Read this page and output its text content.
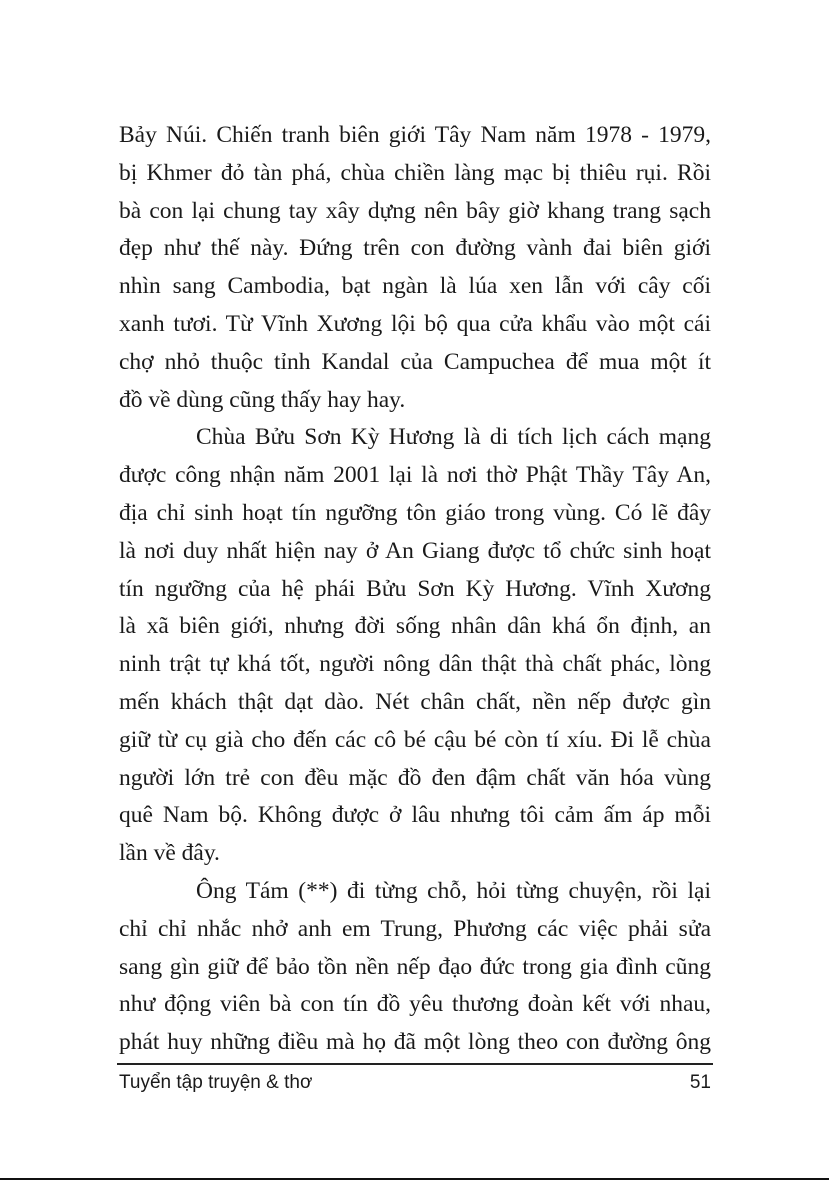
Bảy Núi. Chiến tranh biên giới Tây Nam năm 1978 - 1979,
bị Khmer đỏ tàn phá, chùa chiền làng mạc bị thiêu rụi. Rồi
bà con lại chung tay xây dựng nên bây giờ khang trang sạch
đẹp như thế này. Đứng trên con đường vành đai biên giới
nhìn sang Cambodia, bạt ngàn là lúa xen lẫn với cây cối
xanh tươi. Từ Vĩnh Xương lội bộ qua cửa khẩu vào một cái
chợ nhỏ thuộc tỉnh Kandal của Campuchea để mua một ít
đồ về dùng cũng thấy hay hay.
Chùa Bửu Sơn Kỳ Hương là di tích lịch cách mạng
được công nhận năm 2001 lại là nơi thờ Phật Thầy Tây An,
địa chỉ sinh hoạt tín ngưỡng tôn giáo trong vùng. Có lẽ đây
là nơi duy nhất hiện nay ở An Giang được tổ chức sinh hoạt
tín ngưỡng của hệ phái Bửu Sơn Kỳ Hương. Vĩnh Xương
là xã biên giới, nhưng đời sống nhân dân khá ổn định, an
ninh trật tự khá tốt, người nông dân thật thà chất phác, lòng
mến khách thật dạt dào. Nét chân chất, nền nếp được gìn
giữ từ cụ già cho đến các cô bé cậu bé còn tí xíu. Đi lễ chùa
người lớn trẻ con đều mặc đồ đen đậm chất văn hóa vùng
quê Nam bộ. Không được ở lâu nhưng tôi cảm ấm áp mỗi
lần về đây.
Ông Tám (**) đi từng chỗ, hỏi từng chuyện, rồi lại
chỉ chỉ nhắc nhở anh em Trung, Phương các việc phải sửa
sang gìn giữ để bảo tồn nền nếp đạo đức trong gia đình cũng
như động viên bà con tín đồ yêu thương đoàn kết với nhau,
phát huy những điều mà họ đã một lòng theo con đường ông
Tuyển tập truyện & thơ	51
